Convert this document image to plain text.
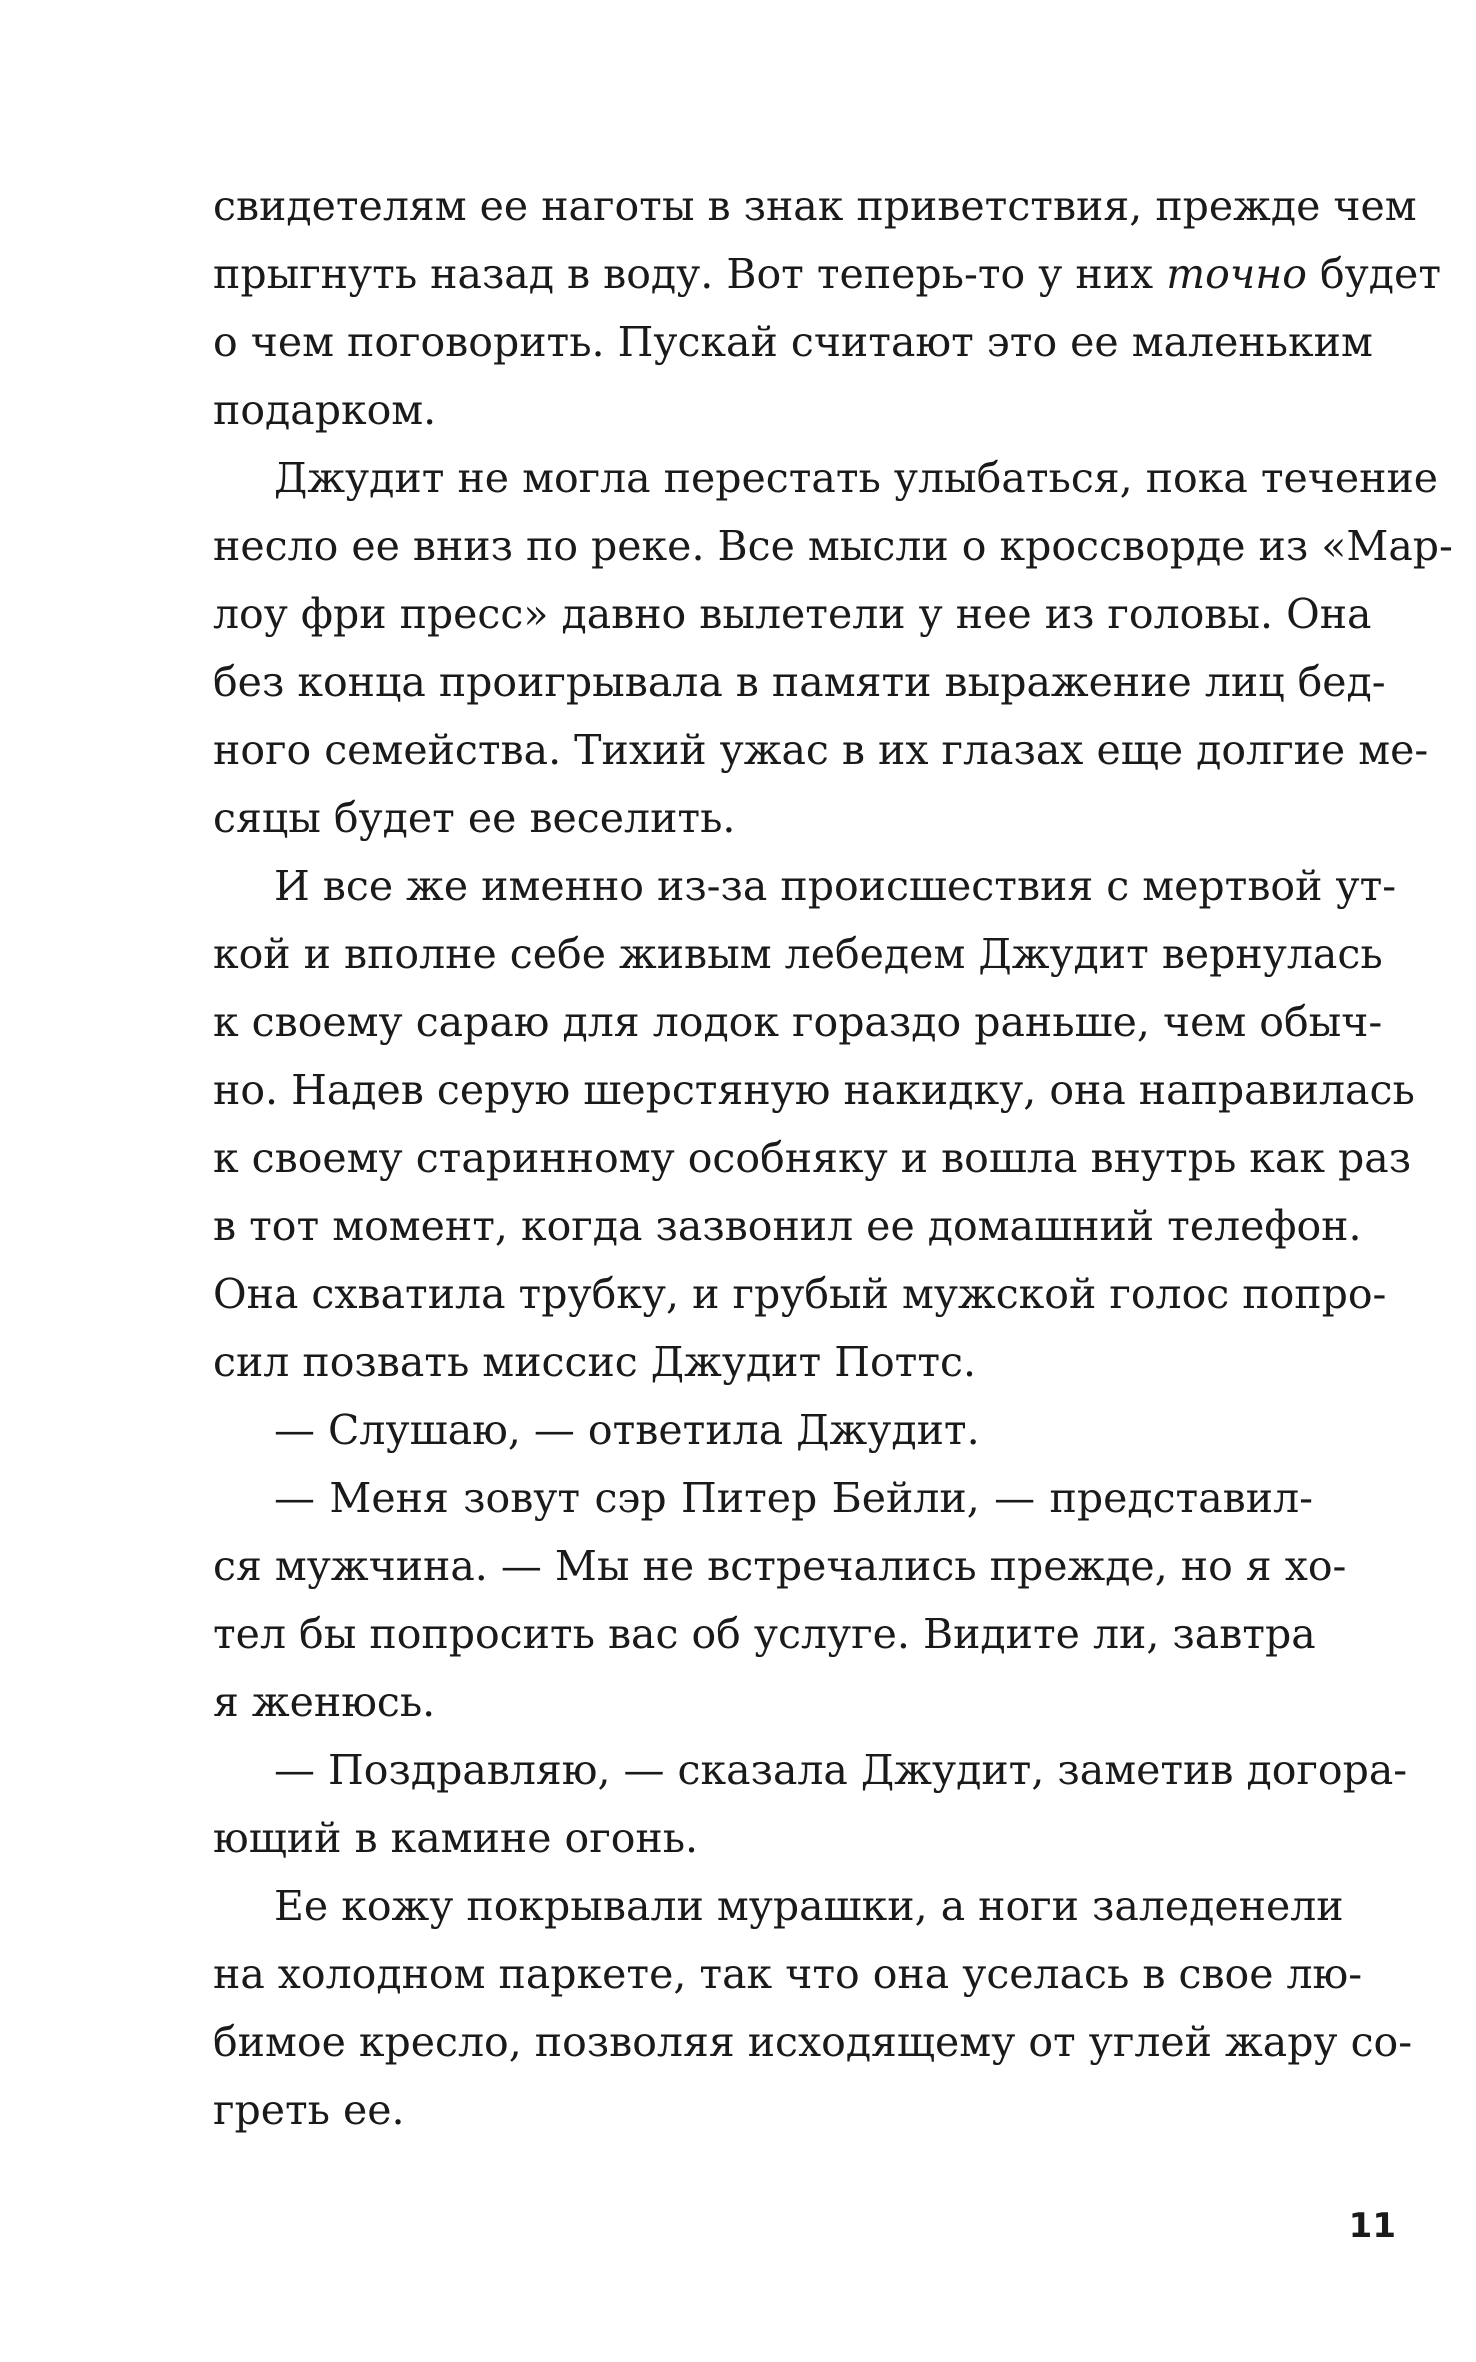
свидетелям ее наготы в знак приветствия, прежде чем
прыгнуть назад в воду. Вот теперь-то у них точно будет
о чем поговорить. Пускай считают это ее маленьким
подарком.
Джудит не могла перестать улыбаться, пока течение
несло ее вниз по реке. Все мысли о кроссворде из «Мар-
лоу фри пресс» давно вылетели у нее из головы. Она
без конца проигрывала в памяти выражение лиц бед-
ного семейства. Тихий ужас в их глазах еще долгие ме-
сяцы будет ее веселить.
И все же именно из-за происшествия с мертвой ут-
кой и вполне себе живым лебедем Джудит вернулась
к своему сараю для лодок гораздо раньше, чем обыч-
но. Надев серую шерстяную накидку, она направилась
к своему старинному особняку и вошла внутрь как раз
в тот момент, когда зазвонил ее домашний телефон.
Она схватила трубку, и грубый мужской голос попро-
сил позвать миссис Джудит Поттс.
— Слушаю, — ответила Джудит.
— Меня зовут сэр Питер Бейли, — представил-
ся мужчина. — Мы не встречались прежде, но я хо-
тел бы попросить вас об услуге. Видите ли, завтра
я женюсь.
— Поздравляю, — сказала Джудит, заметив догора-
ющий в камине огонь.
Ее кожу покрывали мурашки, а ноги заледенели
на холодном паркете, так что она уселась в свое лю-
бимое кресло, позволяя исходящему от углей жару со-
греть ее.
11
